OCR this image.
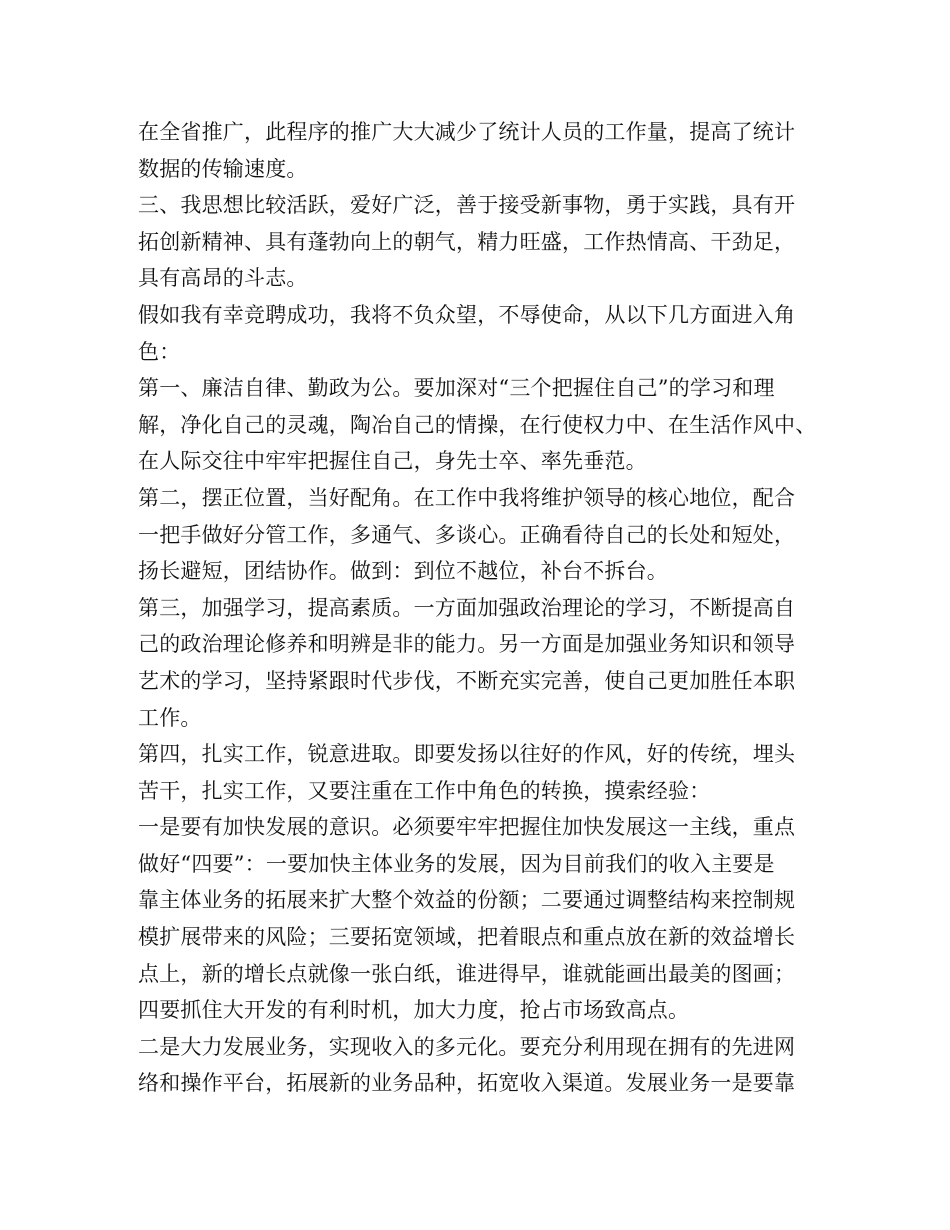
在全省推广，此程序的推广大大减少了统计人员的工作量，提高了统计
数据的传输速度。
三、我思想比较活跃，爱好广泛，善于接受新事物，勇于实践，具有开
拓创新精神、具有蓬勃向上的朝气，精力旺盛，工作热情高、干劲足，
具有高昂的斗志。
假如我有幸竞聘成功，我将不负众望，不辱使命，从以下几方面进入角
色：
第一、廉洁自律、勤政为公。要加深对“三个把握住自己”的学习和理
解，净化自己的灵魂，陶冶自己的情操，在行使权力中、在生活作风中、
在人际交往中牢牢把握住自己，身先士卒、率先垂范。
第二，摆正位置，当好配角。在工作中我将维护领导的核心地位，配合
一把手做好分管工作，多通气、多谈心。正确看待自己的长处和短处，
扬长避短，团结协作。做到：到位不越位，补台不拆台。
第三，加强学习，提高素质。一方面加强政治理论的学习，不断提高自
己的政治理论修养和明辨是非的能力。另一方面是加强业务知识和领导
艺术的学习，坚持紧跟时代步伐，不断充实完善，使自己更加胜任本职
工作。
第四，扎实工作，锐意进取。即要发扬以往好的作风，好的传统，埋头
苦干，扎实工作，又要注重在工作中角色的转换，摸索经验：
一是要有加快发展的意识。必须要牢牢把握住加快发展这一主线，重点
做好“四要”：一要加快主体业务的发展，因为目前我们的收入主要是
靠主体业务的拓展来扩大整个效益的份额；二要通过调整结构来控制规
模扩展带来的风险；三要拓宽领域，把着眼点和重点放在新的效益增长
点上，新的增长点就像一张白纸，谁进得早，谁就能画出最美的图画；
四要抓住大开发的有利时机，加大力度，抢占市场致高点。
二是大力发展业务，实现收入的多元化。要充分利用现在拥有的先进网
络和操作平台，拓展新的业务品种，拓宽收入渠道。发展业务一是要靠
